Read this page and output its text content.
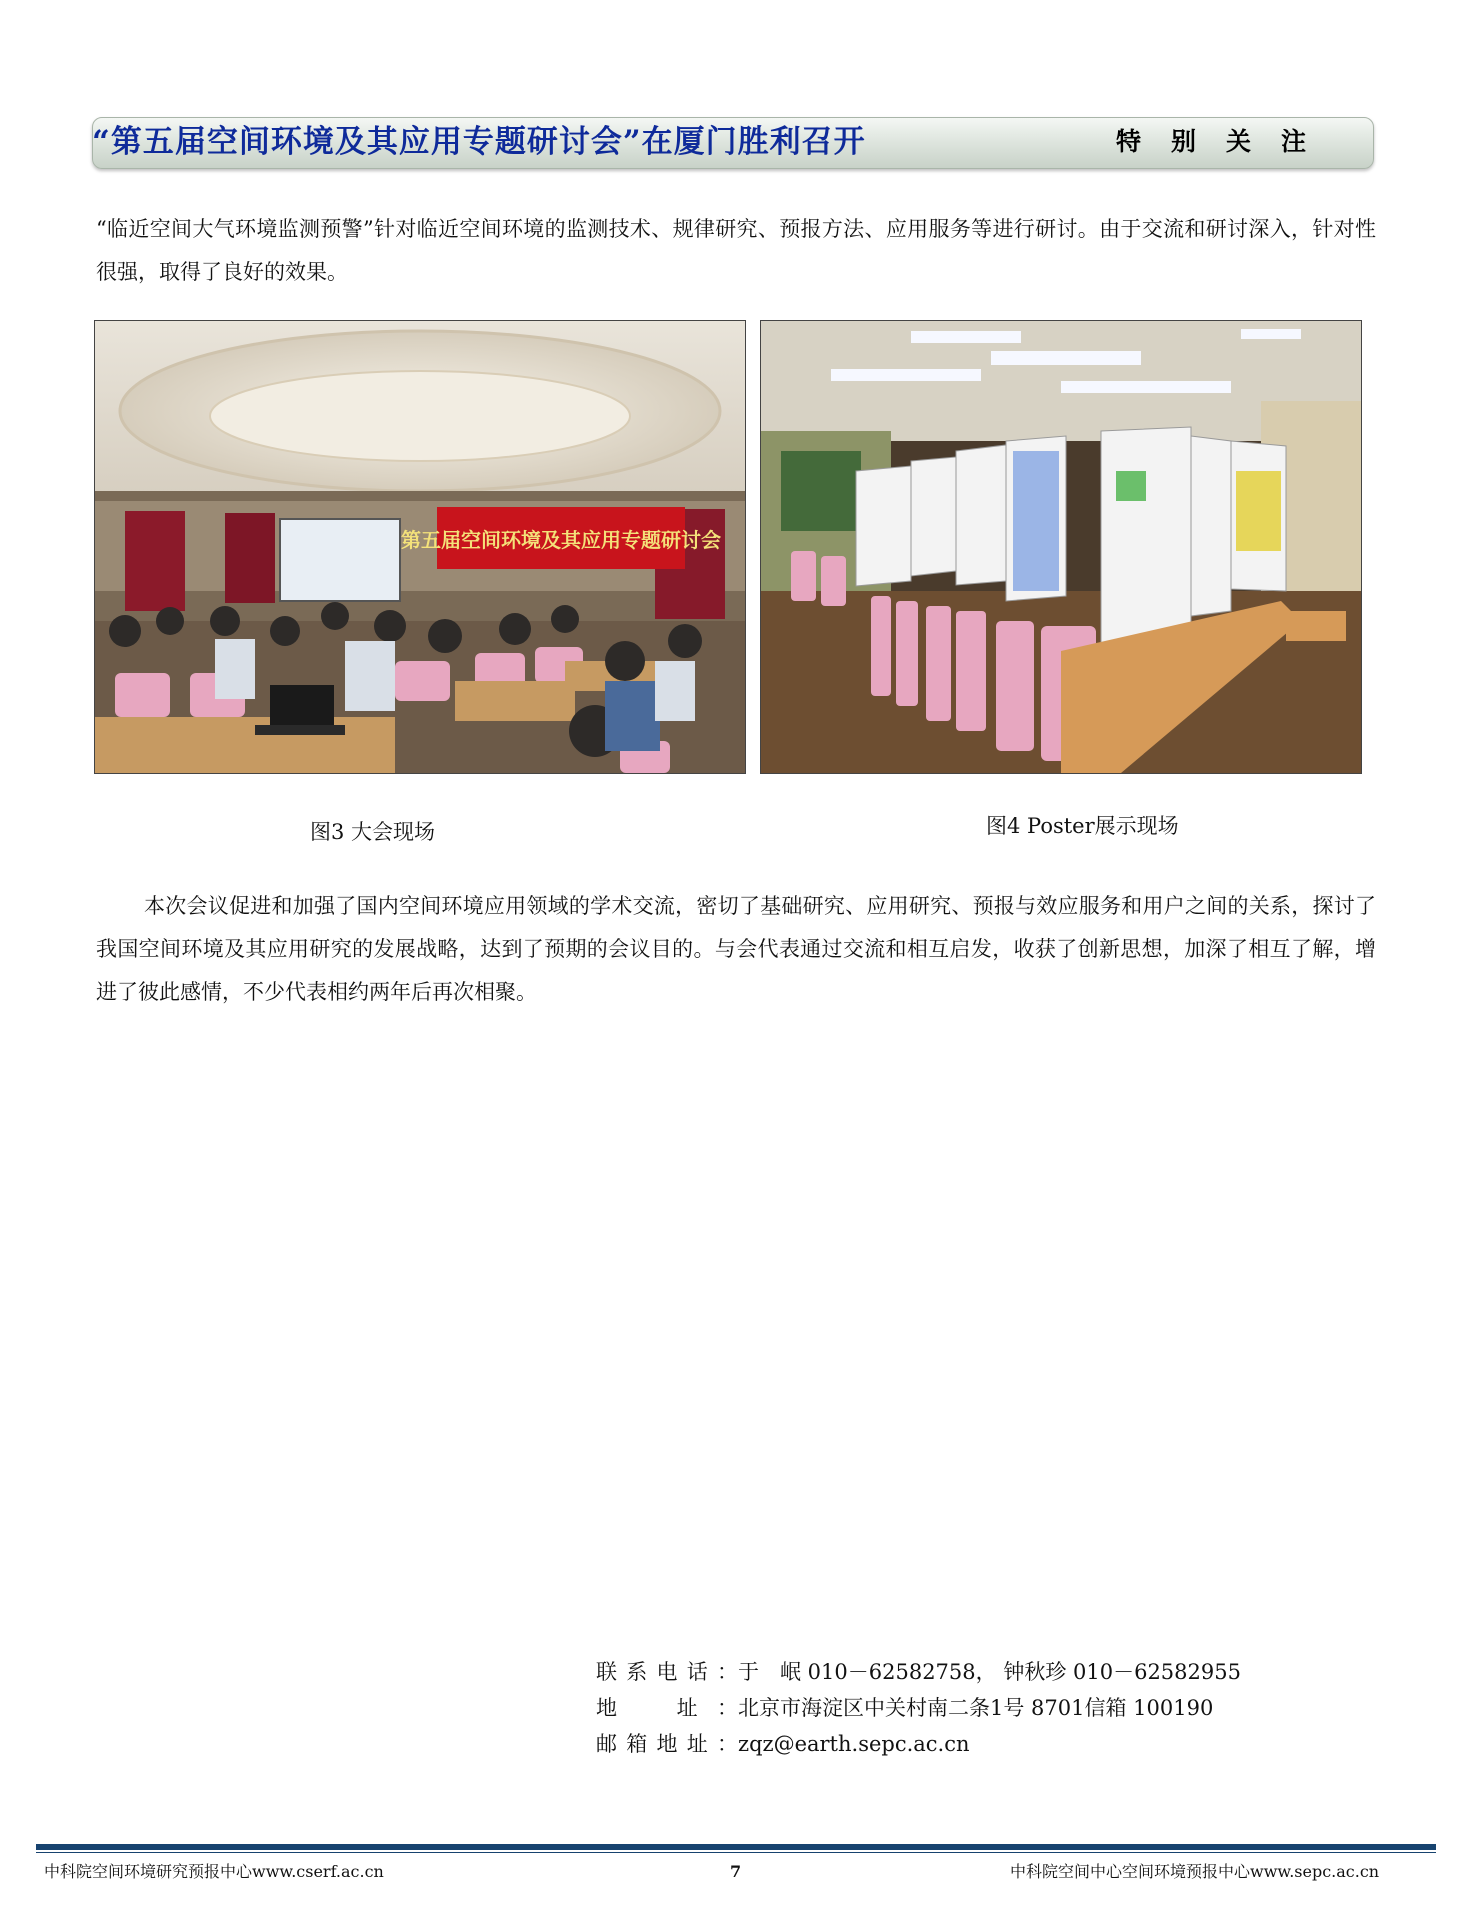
“第五届空间环境及其应用专题研讨会”在厦门胜利召开	特别关注
“临近空间大气环境监测预警”针对临近空间环境的监测技术、规律研究、预报方法、应用服务等进行研讨。由于交流和研讨深入，针对性很强，取得了良好的效果。
第五届空间环境及其应用专题研讨会
图3 大会现场	图4 Poster展示现场
本次会议促进和加强了国内空间环境应用领域的学术交流，密切了基础研究、应用研究、预报与效应服务和用户之间的关系，探讨了我国空间环境及其应用研究的发展战略，达到了预期的会议目的。与会代表通过交流和相互启发，收获了创新思想，加深了相互了解，增进了彼此感情，不少代表相约两年后再次相聚。
联系电话：于　岷 010－62582758， 钟秋珍 010－62582955
地　址：北京市海淀区中关村南二条1号 8701信箱 100190
邮箱地址：zqz@earth.sepc.ac.cn
中科院空间环境研究预报中心www.cserf.ac.cn	7	中科院空间中心空间环境预报中心www.sepc.ac.cn
